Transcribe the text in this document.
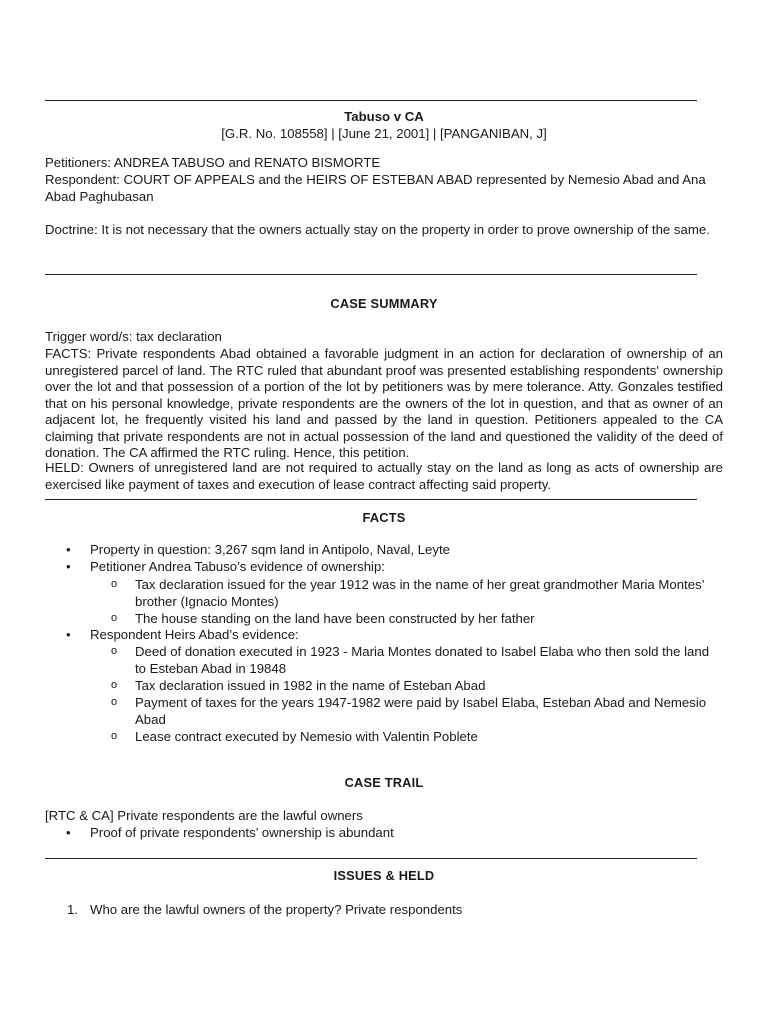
Tabuso v CA
[G.R. No. 108558] | [June 21, 2001] | [PANGANIBAN, J]
Petitioners: ANDREA TABUSO and RENATO BISMORTE
Respondent: COURT OF APPEALS and the HEIRS OF ESTEBAN ABAD represented by Nemesio Abad and Ana Abad Paghubasan
Doctrine: It is not necessary that the owners actually stay on the property in order to prove ownership of the same.
CASE SUMMARY
Trigger word/s: tax declaration
FACTS: Private respondents Abad obtained a favorable judgment in an action for declaration of ownership of an unregistered parcel of land. The RTC ruled that abundant proof was presented establishing respondents' ownership over the lot and that possession of a portion of the lot by petitioners was by mere tolerance. Atty. Gonzales testified that on his personal knowledge, private respondents are the owners of the lot in question, and that as owner of an adjacent lot, he frequently visited his land and passed by the land in question. Petitioners appealed to the CA claiming that private respondents are not in actual possession of the land and questioned the validity of the deed of donation. The CA affirmed the RTC ruling. Hence, this petition.
HELD: Owners of unregistered land are not required to actually stay on the land as long as acts of ownership are exercised like payment of taxes and execution of lease contract affecting said property.
FACTS
• Property in question: 3,267 sqm land in Antipolo, Naval, Leyte
• Petitioner Andrea Tabuso’s evidence of ownership:
o Tax declaration issued for the year 1912 was in the name of her great grandmother Maria Montes’ brother (Ignacio Montes)
o The house standing on the land have been constructed by her father
• Respondent Heirs Abad’s evidence:
o Deed of donation executed in 1923 - Maria Montes donated to Isabel Elaba who then sold the land to Esteban Abad in 19848
o Tax declaration issued in 1982 in the name of Esteban Abad
o Payment of taxes for the years 1947-1982 were paid by Isabel Elaba, Esteban Abad and Nemesio Abad
o Lease contract executed by Nemesio with Valentin Poblete
CASE TRAIL
[RTC & CA] Private respondents are the lawful owners
• Proof of private respondents’ ownership is abundant
ISSUES & HELD
1. Who are the lawful owners of the property? Private respondents
